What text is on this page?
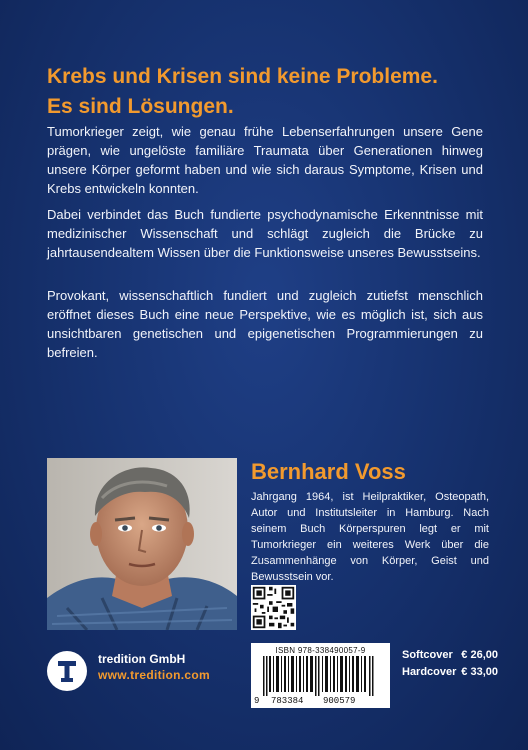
Krebs und Krisen sind keine Probleme.
Es sind Lösungen.

Tumorkrieger zeigt, wie genau frühe Lebenserfahrungen unsere Gene prägen, wie ungelöste familiäre Traumata über Generationen hinweg unsere Körper geformt haben und wie sich daraus Symptome, Krisen und Krebs entwickeln konnten.

Dabei verbindet das Buch fundierte psychodynamische Erkenntnisse mit medizinischer Wissenschaft und schlägt zugleich die Brücke zu jahrtausendealtem Wissen über die Funktionsweise unseres Bewusstseins.

Provokant, wissenschaftlich fundiert und zugleich zutiefst menschlich eröffnet dieses Buch eine neue Perspektive, wie es möglich ist, sich aus unsichtbaren genetischen und epigenetischen Programmierungen zu befreien.

Bernhard Voss

Jahrgang 1964, ist Heilpraktiker, Osteopath, Autor und Institutsleiter in Hamburg. Nach seinem Buch Körperspuren legt er mit Tumorkrieger ein weiteres Werk über die Zusammenhänge von Körper, Geist und Bewusstsein vor.

tredition GmbH
www.tredition.com
ISBN 978-338490057-9
9 783384 900579
Softcover € 26,00
Hardcover € 33,00
